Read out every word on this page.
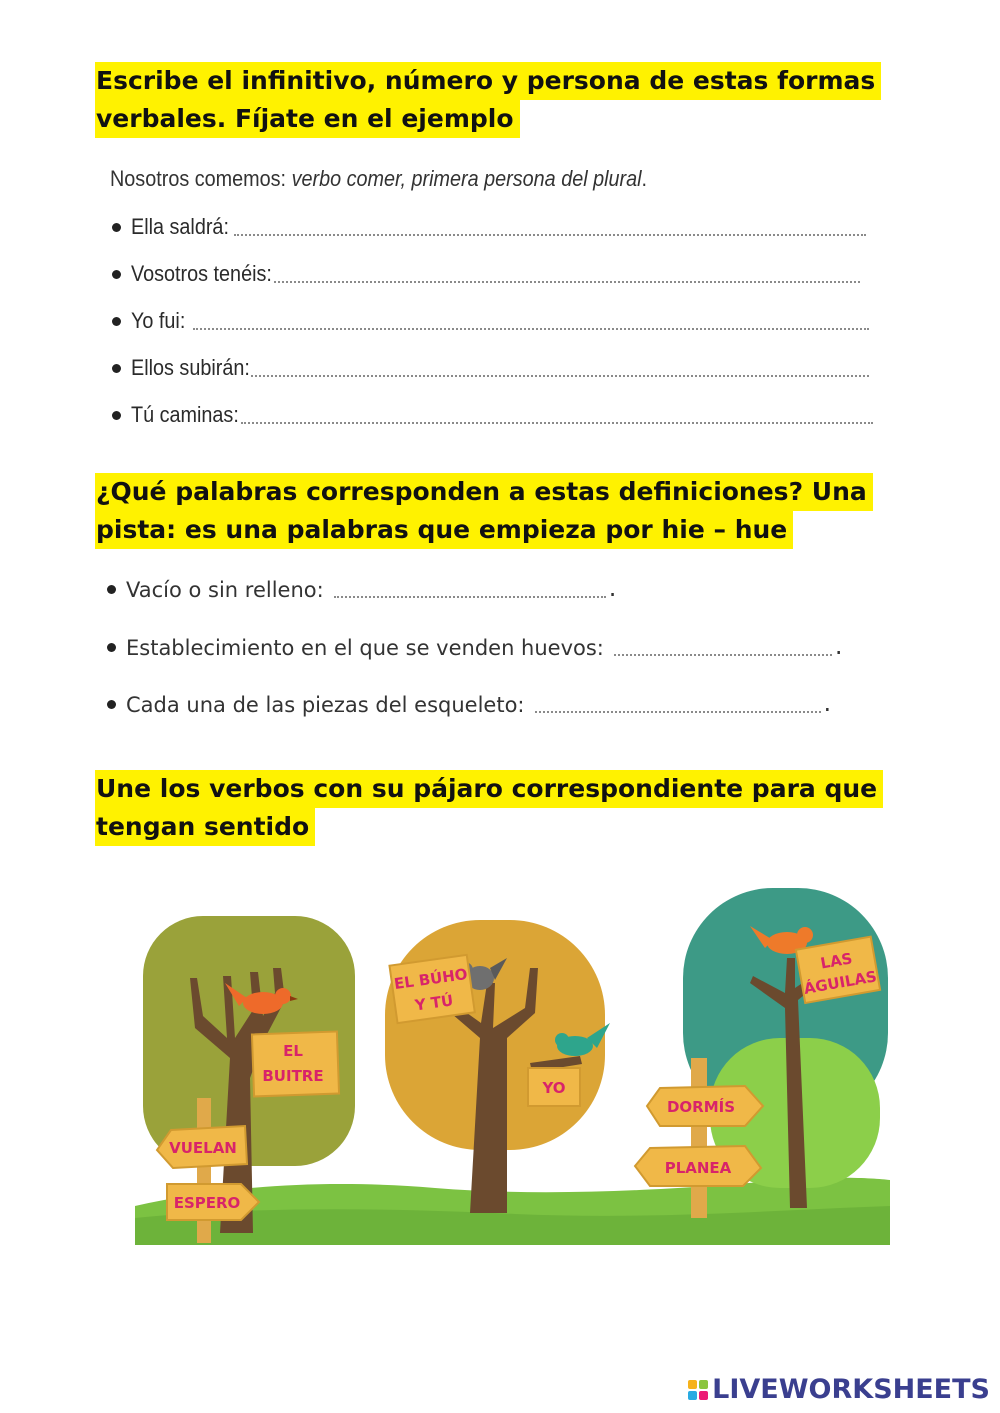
Escribe el infinitivo, número y persona de estas formas
verbales. Fíjate en el ejemplo
Nosotros comemos: verbo comer, primera persona del plural.
Ella saldrá:
Vosotros tenéis:
Yo fui:
Ellos subirán:
Tú caminas:
¿Qué palabras corresponden a estas definiciones? Una
pista: es una palabras que empieza por hie – hue
Vacío o sin relleno:	.
Establecimiento en el que se venden huevos:	.
Cada una de las piezas del esqueleto:	.
Une los verbos con su pájaro correspondiente para que
tengan sentido
EL
BUITRE
VUELAN
ESPERO
EL BÚHO
Y TÚ
YO
LAS
ÁGUILAS
DORMÍS
PLANEA
LIVEWORKSHEETS
